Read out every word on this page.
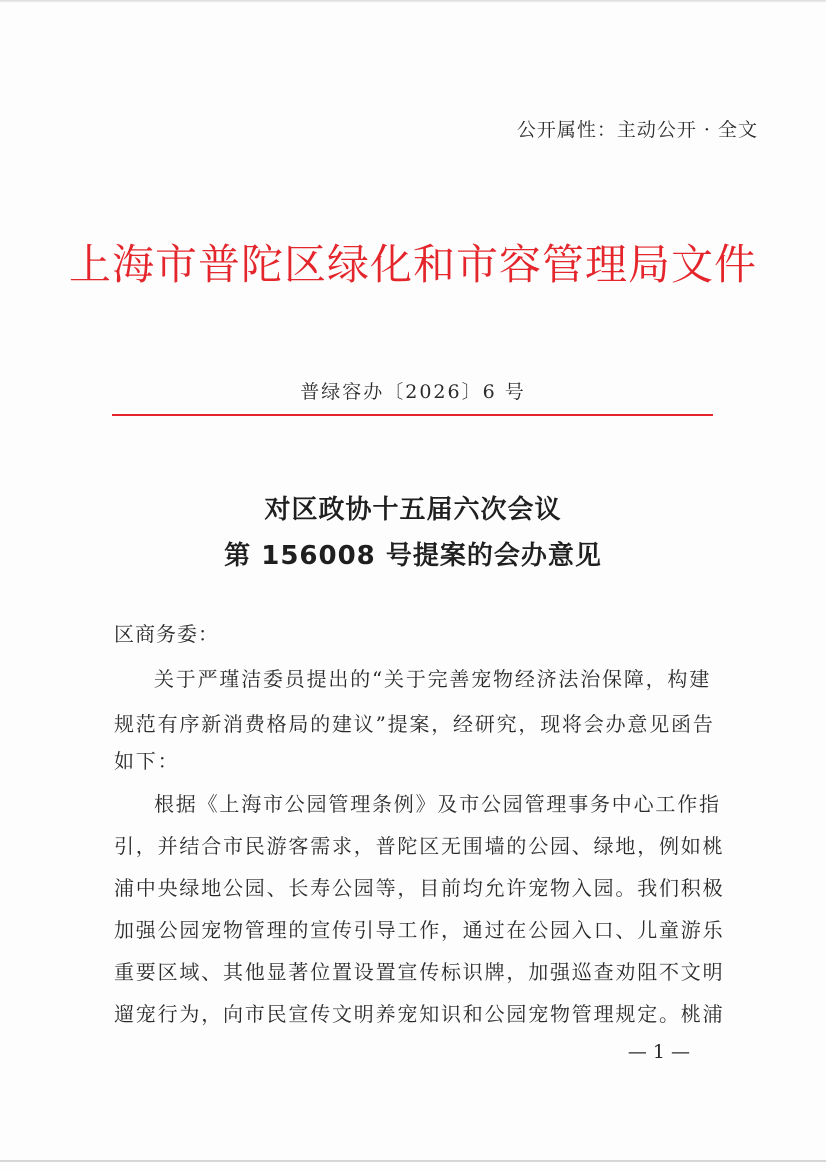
公开属性：主动公开 · 全文
上海市普陀区绿化和市容管理局文件
普绿容办〔2026〕6 号
对区政协十五届六次会议
第 156008 号提案的会办意见
区商务委：
关于严瑾洁委员提出的“关于完善宠物经济法治保障，构建
规范有序新消费格局的建议”提案，经研究，现将会办意见函告
如下：
根据《上海市公园管理条例》及市公园管理事务中心工作指
引，并结合市民游客需求，普陀区无围墙的公园、绿地，例如桃
浦中央绿地公园、长寿公园等，目前均允许宠物入园。我们积极
加强公园宠物管理的宣传引导工作，通过在公园入口、儿童游乐
重要区域、其他显著位置设置宣传标识牌，加强巡查劝阻不文明
遛宠行为，向市民宣传文明养宠知识和公园宠物管理规定。桃浦
— 1 —
